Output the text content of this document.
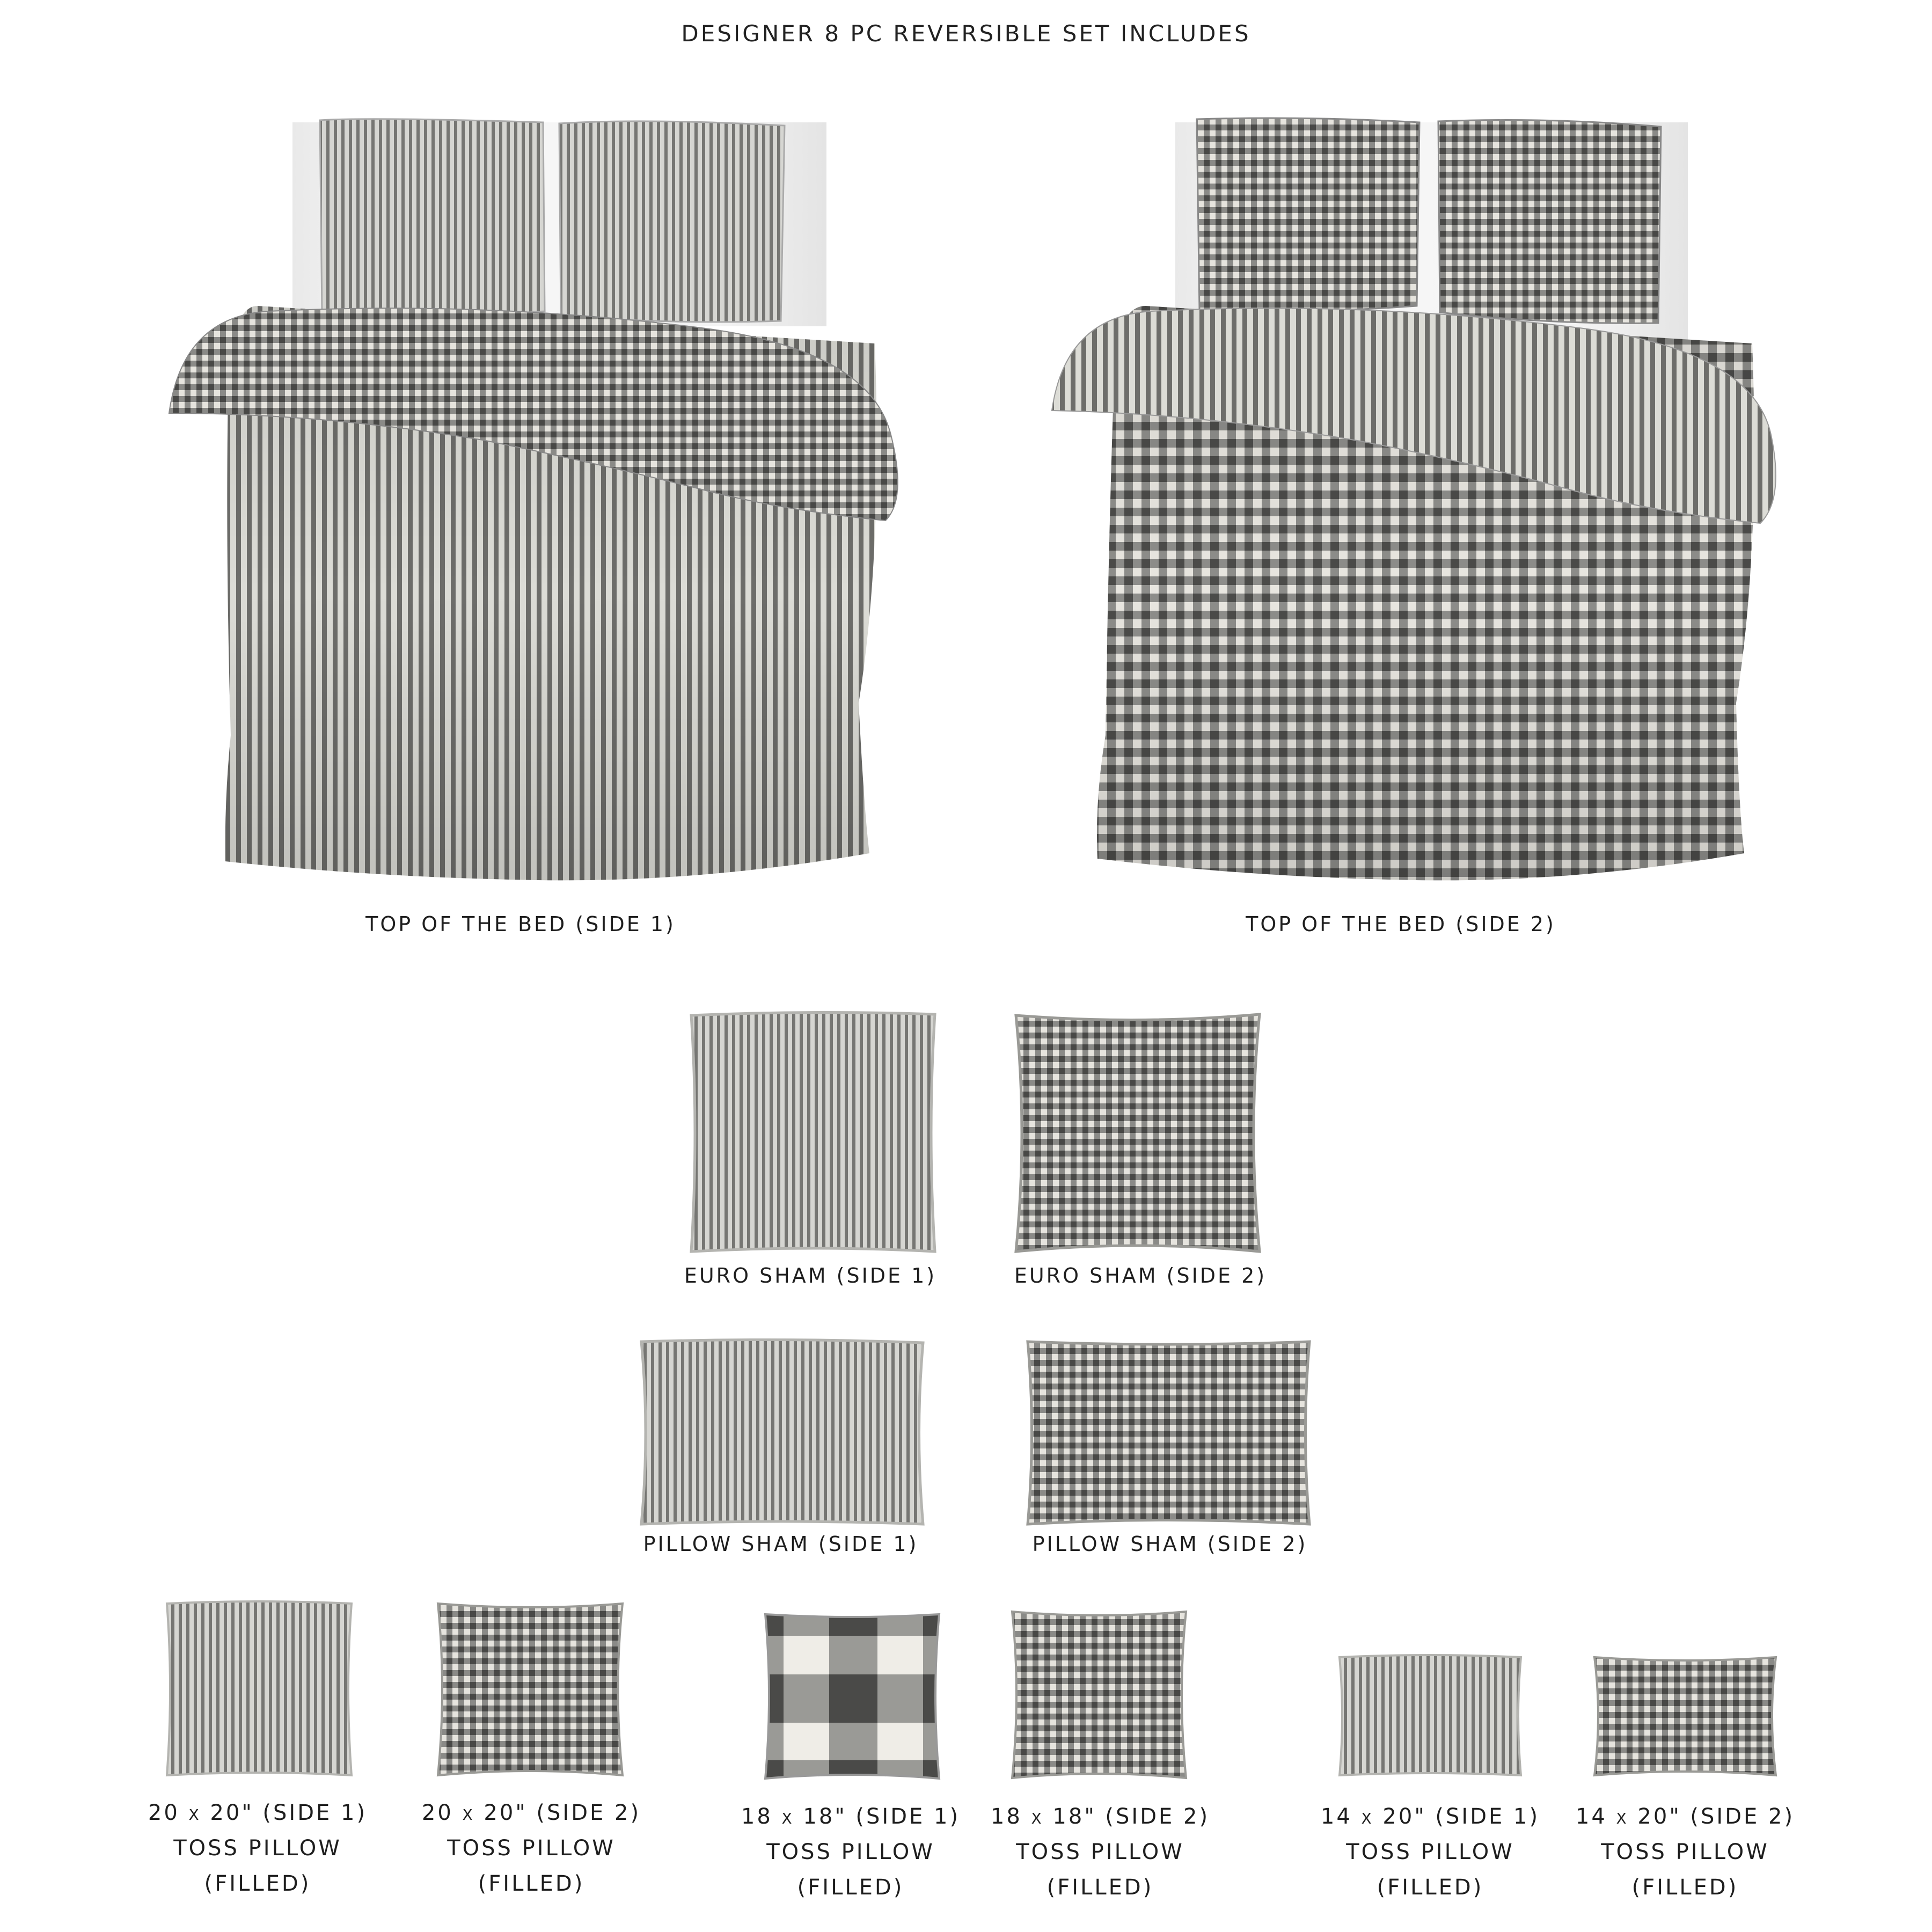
DESIGNER 8 PC REVERSIBLE SET INCLUDES
TOP OF THE BED (SIDE 1)	TOP OF THE BED (SIDE 2)
EURO SHAM (SIDE 1)	EURO SHAM (SIDE 2)
PILLOW SHAM (SIDE 1)	PILLOW SHAM (SIDE 2)
20 x 20" (SIDE 1)
TOSS PILLOW
(FILLED)
20 x 20" (SIDE 2)
TOSS PILLOW
(FILLED)
18 x 18" (SIDE 1)
TOSS PILLOW
(FILLED)
18 x 18" (SIDE 2)
TOSS PILLOW
(FILLED)
14 x 20" (SIDE 1)
TOSS PILLOW
(FILLED)
14 x 20" (SIDE 2)
TOSS PILLOW
(FILLED)
